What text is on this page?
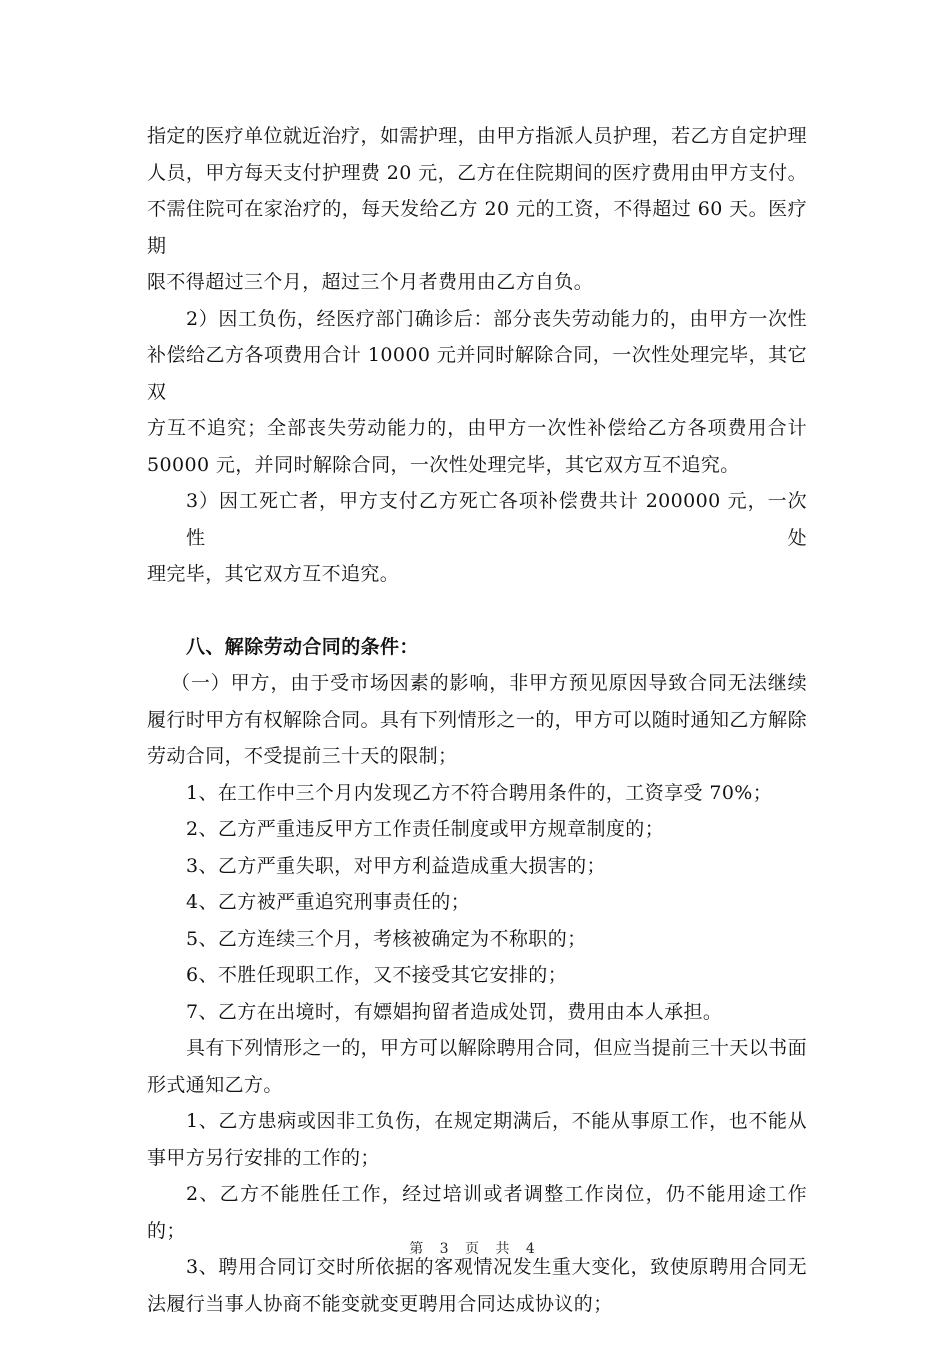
指定的医疗单位就近治疗，如需护理，由甲方指派人员护理，若乙方自定护理
人员，甲方每天支付护理费 20 元，乙方在住院期间的医疗费用由甲方支付。
不需住院可在家治疗的，每天发给乙方 20 元的工资，不得超过 60 天。医疗期
限不得超过三个月，超过三个月者费用由乙方自负。
2）因工负伤，经医疗部门确诊后：部分丧失劳动能力的，由甲方一次性
补偿给乙方各项费用合计 10000 元并同时解除合同，一次性处理完毕，其它双
方互不追究；全部丧失劳动能力的，由甲方一次性补偿给乙方各项费用合计
50000 元，并同时解除合同，一次性处理完毕，其它双方互不追究。
3）因工死亡者，甲方支付乙方死亡各项补偿费共计 200000 元，一次性处
理完毕，其它双方互不追究。
八、解除劳动合同的条件：
（一）甲方，由于受市场因素的影响，非甲方预见原因导致合同无法继续
履行时甲方有权解除合同。具有下列情形之一的，甲方可以随时通知乙方解除
劳动合同，不受提前三十天的限制；
1、在工作中三个月内发现乙方不符合聘用条件的，工资享受 70%；
2、乙方严重违反甲方工作责任制度或甲方规章制度的；
3、乙方严重失职，对甲方利益造成重大损害的；
4、乙方被严重追究刑事责任的；
5、乙方连续三个月，考核被确定为不称职的；
6、不胜任现职工作，又不接受其它安排的；
7、乙方在出境时，有嫖娼拘留者造成处罚，费用由本人承担。
具有下列情形之一的，甲方可以解除聘用合同，但应当提前三十天以书面
形式通知乙方。
1、乙方患病或因非工负伤，在规定期满后，不能从事原工作，也不能从
事甲方另行安排的工作的；
2、乙方不能胜任工作，经过培训或者调整工作岗位，仍不能用途工作
的；
3、聘用合同订交时所依据的客观情况发生重大变化，致使原聘用合同无
法履行当事人协商不能变就变更聘用合同达成协议的；
第 3 页 共 4
